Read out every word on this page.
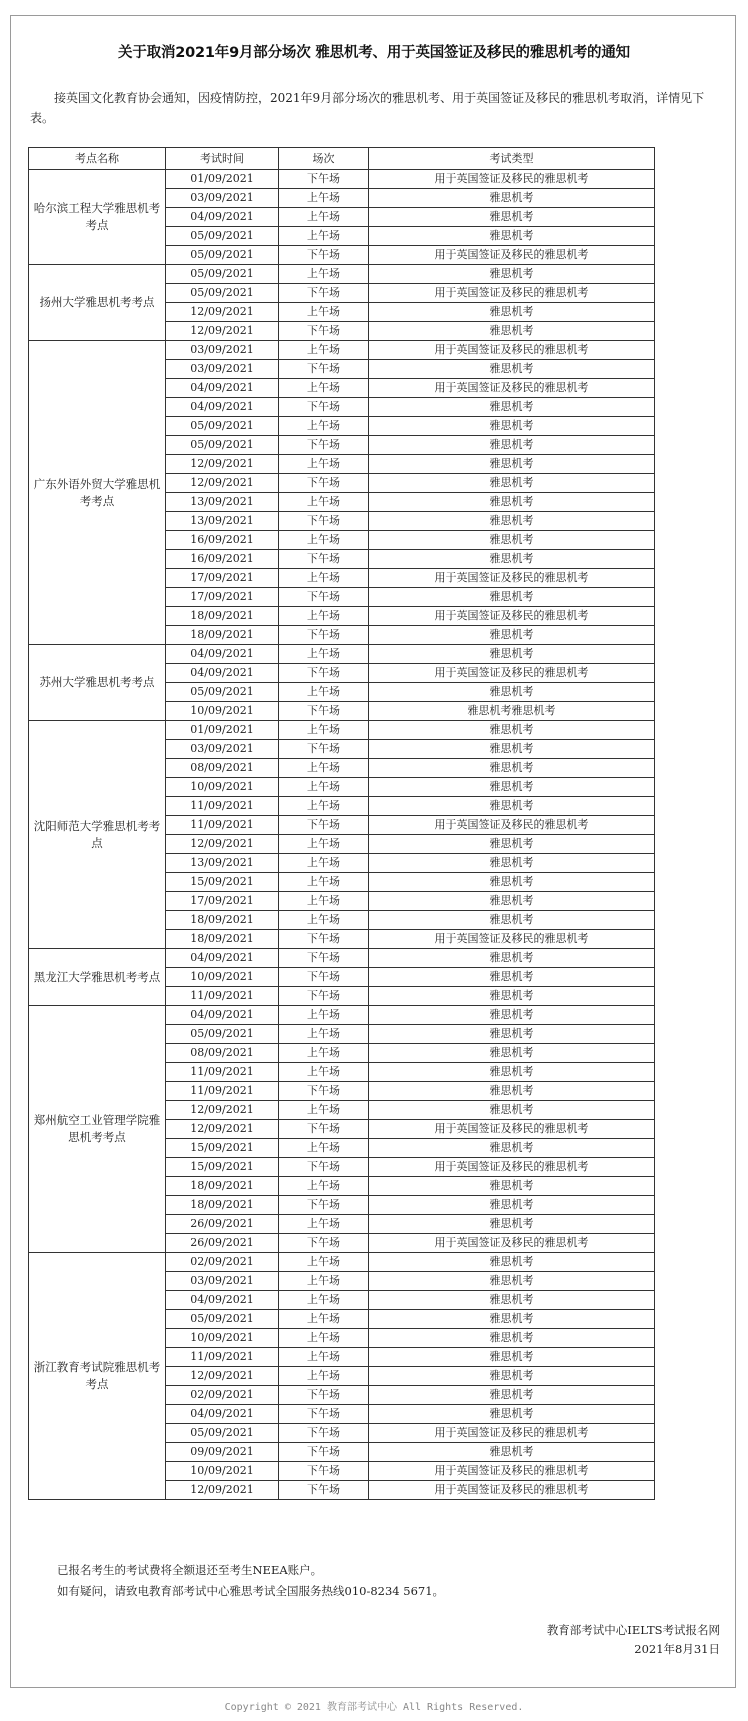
关于取消2021年9月部分场次 雅思机考、用于英国签证及移民的雅思机考的通知
接英国文化教育协会通知，因疫情防控，2021年9月部分场次的雅思机考、用于英国签证及移民的雅思机考取消，详情见下表。
考点名称	考试时间	场次	考试类型
哈尔滨工程大学雅思机考考点	01/09/2021	下午场	用于英国签证及移民的雅思机考
	03/09/2021	上午场	雅思机考
	04/09/2021	上午场	雅思机考
	05/09/2021	上午场	雅思机考
	05/09/2021	下午场	用于英国签证及移民的雅思机考
扬州大学雅思机考考点	05/09/2021	上午场	雅思机考
	05/09/2021	下午场	用于英国签证及移民的雅思机考
	12/09/2021	上午场	雅思机考
	12/09/2021	下午场	雅思机考
广东外语外贸大学雅思机考考点	03/09/2021	上午场	用于英国签证及移民的雅思机考
	03/09/2021	下午场	雅思机考
	04/09/2021	上午场	用于英国签证及移民的雅思机考
	04/09/2021	下午场	雅思机考
	05/09/2021	上午场	雅思机考
	05/09/2021	下午场	雅思机考
	12/09/2021	上午场	雅思机考
	12/09/2021	下午场	雅思机考
	13/09/2021	上午场	雅思机考
	13/09/2021	下午场	雅思机考
	16/09/2021	上午场	雅思机考
	16/09/2021	下午场	雅思机考
	17/09/2021	上午场	用于英国签证及移民的雅思机考
	17/09/2021	下午场	雅思机考
	18/09/2021	上午场	用于英国签证及移民的雅思机考
	18/09/2021	下午场	雅思机考
苏州大学雅思机考考点	04/09/2021	上午场	雅思机考
	04/09/2021	下午场	用于英国签证及移民的雅思机考
	05/09/2021	上午场	雅思机考
	10/09/2021	下午场	雅思机考雅思机考
沈阳师范大学雅思机考考点	01/09/2021	上午场	雅思机考
	03/09/2021	下午场	雅思机考
	08/09/2021	上午场	雅思机考
	10/09/2021	上午场	雅思机考
	11/09/2021	上午场	雅思机考
	11/09/2021	下午场	用于英国签证及移民的雅思机考
	12/09/2021	上午场	雅思机考
	13/09/2021	上午场	雅思机考
	15/09/2021	上午场	雅思机考
	17/09/2021	上午场	雅思机考
	18/09/2021	上午场	雅思机考
	18/09/2021	下午场	用于英国签证及移民的雅思机考
黑龙江大学雅思机考考点	04/09/2021	下午场	雅思机考
	10/09/2021	下午场	雅思机考
	11/09/2021	下午场	雅思机考
郑州航空工业管理学院雅思机考考点	04/09/2021	上午场	雅思机考
	05/09/2021	上午场	雅思机考
	08/09/2021	上午场	雅思机考
	11/09/2021	上午场	雅思机考
	11/09/2021	下午场	雅思机考
	12/09/2021	上午场	雅思机考
	12/09/2021	下午场	用于英国签证及移民的雅思机考
	15/09/2021	上午场	雅思机考
	15/09/2021	下午场	用于英国签证及移民的雅思机考
	18/09/2021	上午场	雅思机考
	18/09/2021	下午场	雅思机考
	26/09/2021	上午场	雅思机考
	26/09/2021	下午场	用于英国签证及移民的雅思机考
浙江教育考试院雅思机考考点	02/09/2021	上午场	雅思机考
	03/09/2021	上午场	雅思机考
	04/09/2021	上午场	雅思机考
	05/09/2021	上午场	雅思机考
	10/09/2021	上午场	雅思机考
	11/09/2021	上午场	雅思机考
	12/09/2021	上午场	雅思机考
	02/09/2021	下午场	雅思机考
	04/09/2021	下午场	雅思机考
	05/09/2021	下午场	用于英国签证及移民的雅思机考
	09/09/2021	下午场	雅思机考
	10/09/2021	下午场	用于英国签证及移民的雅思机考
	12/09/2021	下午场	用于英国签证及移民的雅思机考
已报名考生的考试费将全额退还至考生NEEA账户。
如有疑问，请致电教育部考试中心雅思考试全国服务热线010-8234 5671。
教育部考试中心IELTS考试报名网
2021年8月31日
Copyright © 2021 教育部考试中心 All Rights Reserved.
